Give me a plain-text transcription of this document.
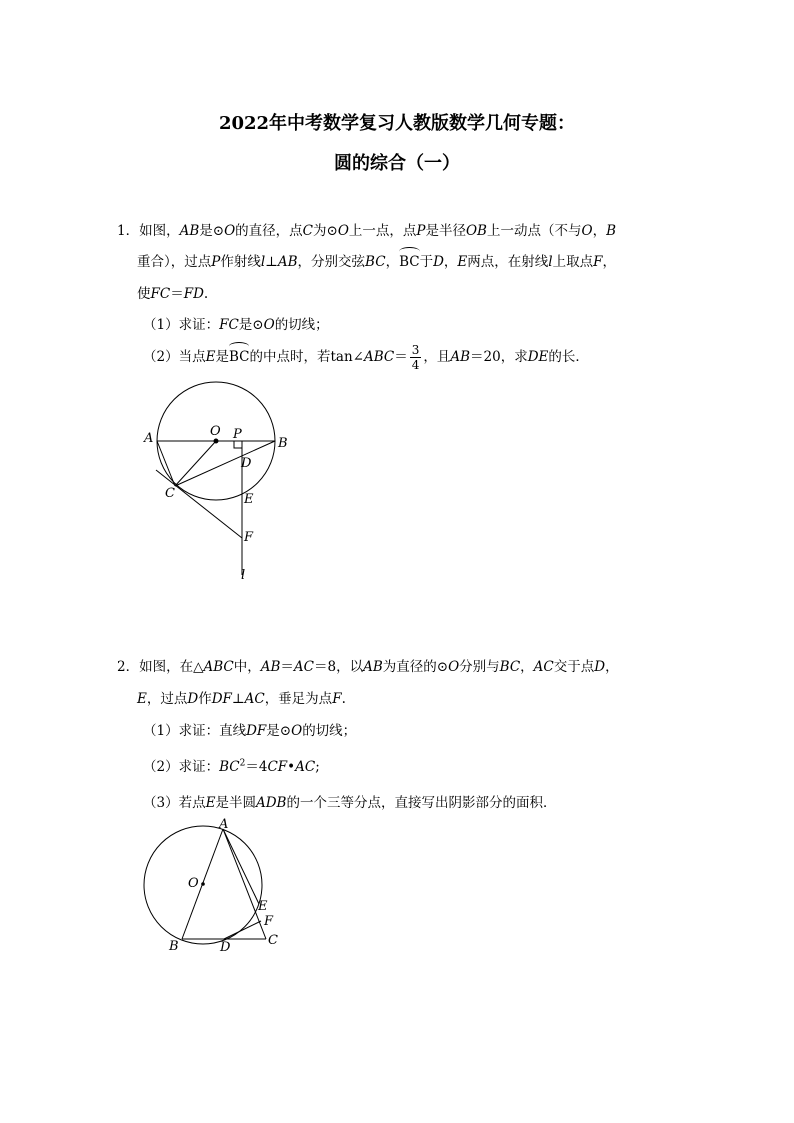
2022年中考数学复习人教版数学几何专题：
圆的综合（一）
1．如图，AB是⊙O的直径，点C为⊙O上一点，点P是半径OB上一动点（不与O，B
重合），过点P作射线l⊥AB，分别交弦BC，BC于D，E两点，在射线l上取点F，
使FC＝FD.
（1）求证：FC是⊙O的切线；
（2）当点E是BC的中点时，若tan∠ABC＝ $\frac{3}{4}$ ，且AB＝20，求DE的长．
A	O P
B
D
C	E
F
l
2．如图，在△ABC中，AB＝AC＝8，以AB为直径的⊙O分别与BC，AC交于点D，
E，过点D作DF⊥AC，垂足为点F.
（1）求证：直线DF是⊙O的切线；
（2）求证：$BC^2=4CF•AC$;
（3）若点E是半圆ADB的一个三等分点，直接写出阴影部分的面积．
A
O
E
F
B	D	C
